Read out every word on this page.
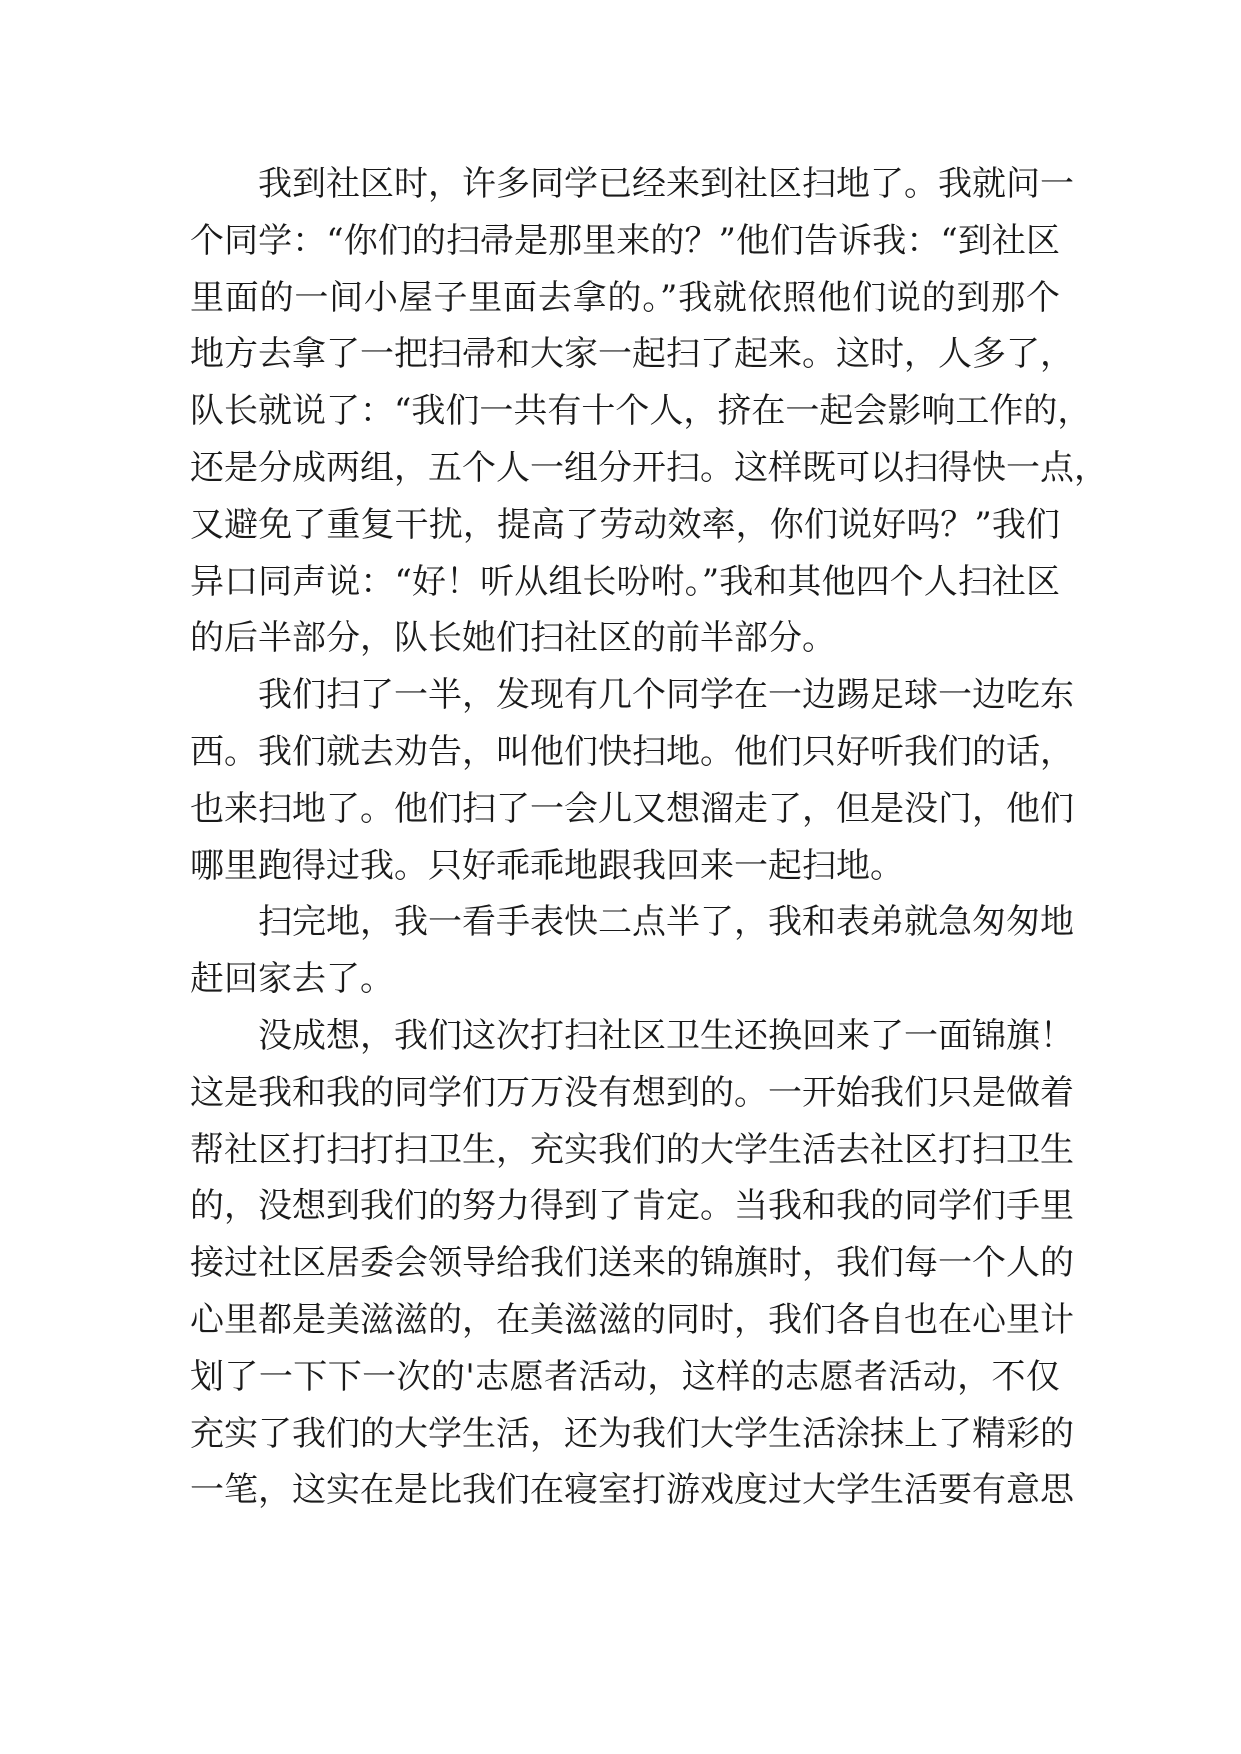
我到社区时，许多同学已经来到社区扫地了。我就问一
个同学：“你们的扫帚是那里来的？”他们告诉我：“到社区
里面的一间小屋子里面去拿的。”我就依照他们说的到那个
地方去拿了一把扫帚和大家一起扫了起来。这时，人多了，
队长就说了：“我们一共有十个人，挤在一起会影响工作的，
还是分成两组，五个人一组分开扫。这样既可以扫得快一点，
又避免了重复干扰，提高了劳动效率，你们说好吗？”我们
异口同声说：“好！听从组长吩咐。”我和其他四个人扫社区
的后半部分，队长她们扫社区的前半部分。
我们扫了一半，发现有几个同学在一边踢足球一边吃东
西。我们就去劝告，叫他们快扫地。他们只好听我们的话，
也来扫地了。他们扫了一会儿又想溜走了，但是没门，他们
哪里跑得过我。只好乖乖地跟我回来一起扫地。
扫完地，我一看手表快二点半了，我和表弟就急匆匆地
赶回家去了。
没成想，我们这次打扫社区卫生还换回来了一面锦旗！
这是我和我的同学们万万没有想到的。一开始我们只是做着
帮社区打扫打扫卫生，充实我们的大学生活去社区打扫卫生
的，没想到我们的努力得到了肯定。当我和我的同学们手里
接过社区居委会领导给我们送来的锦旗时，我们每一个人的
心里都是美滋滋的，在美滋滋的同时，我们各自也在心里计
划了一下下一次的'志愿者活动，这样的志愿者活动，不仅
充实了我们的大学生活，还为我们大学生活涂抹上了精彩的
一笔，这实在是比我们在寝室打游戏度过大学生活要有意思
